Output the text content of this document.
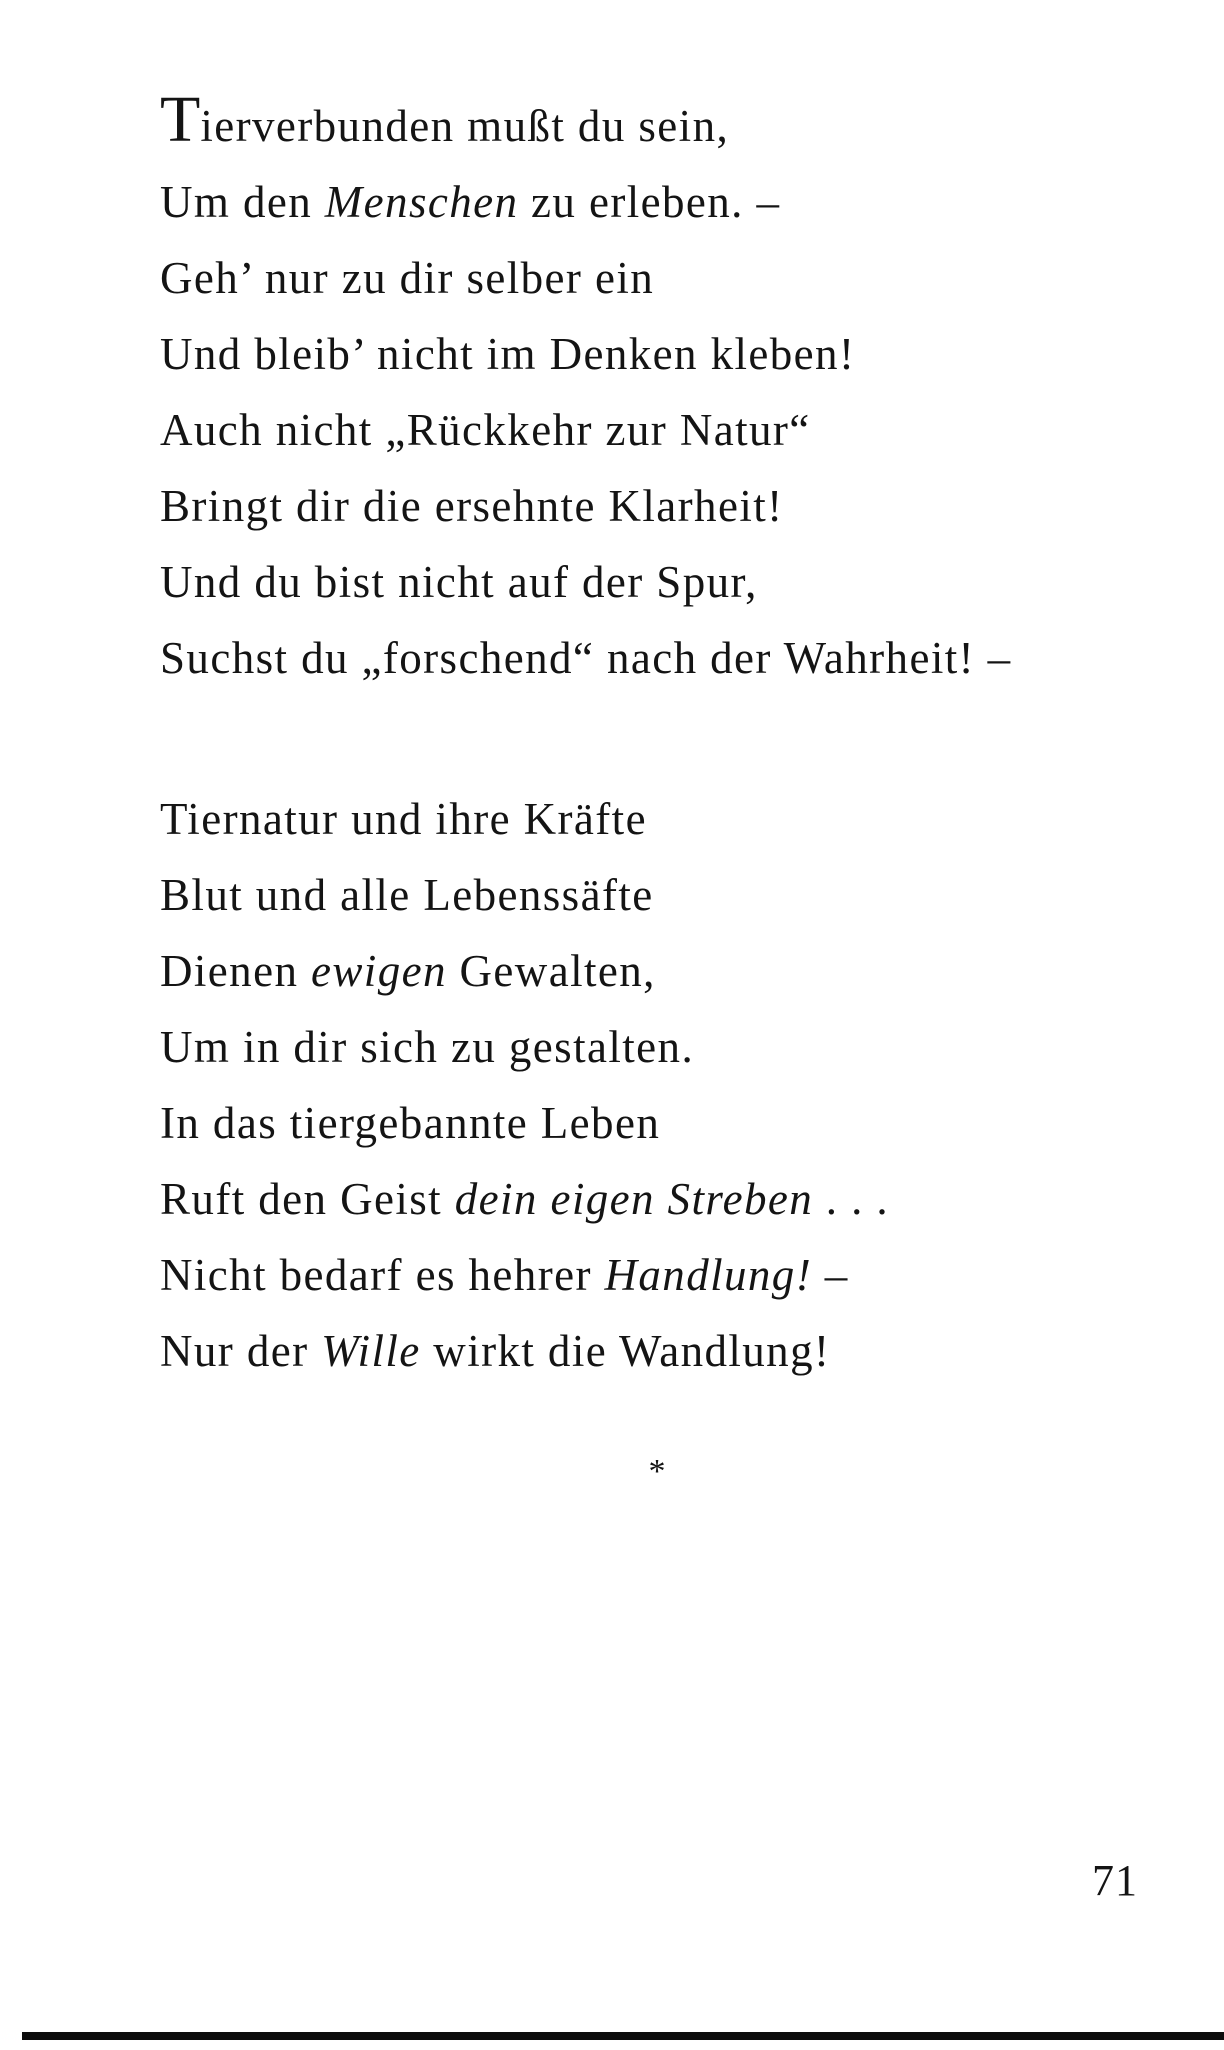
Tierverbunden mußt du sein,
Um den Menschen zu erleben. –
Geh’ nur zu dir selber ein
Und bleib’ nicht im Denken kleben!
Auch nicht „Rückkehr zur Natur“
Bringt dir die ersehnte Klarheit!
Und du bist nicht auf der Spur,
Suchst du „forschend“ nach der Wahrheit! –
Tiernatur und ihre Kräfte
Blut und alle Lebenssäfte
Dienen ewigen Gewalten,
Um in dir sich zu gestalten.
In das tiergebannte Leben
Ruft den Geist dein eigen Streben . . .
Nicht bedarf es hehrer Handlung! –
Nur der Wille wirkt die Wandlung!
*
71
